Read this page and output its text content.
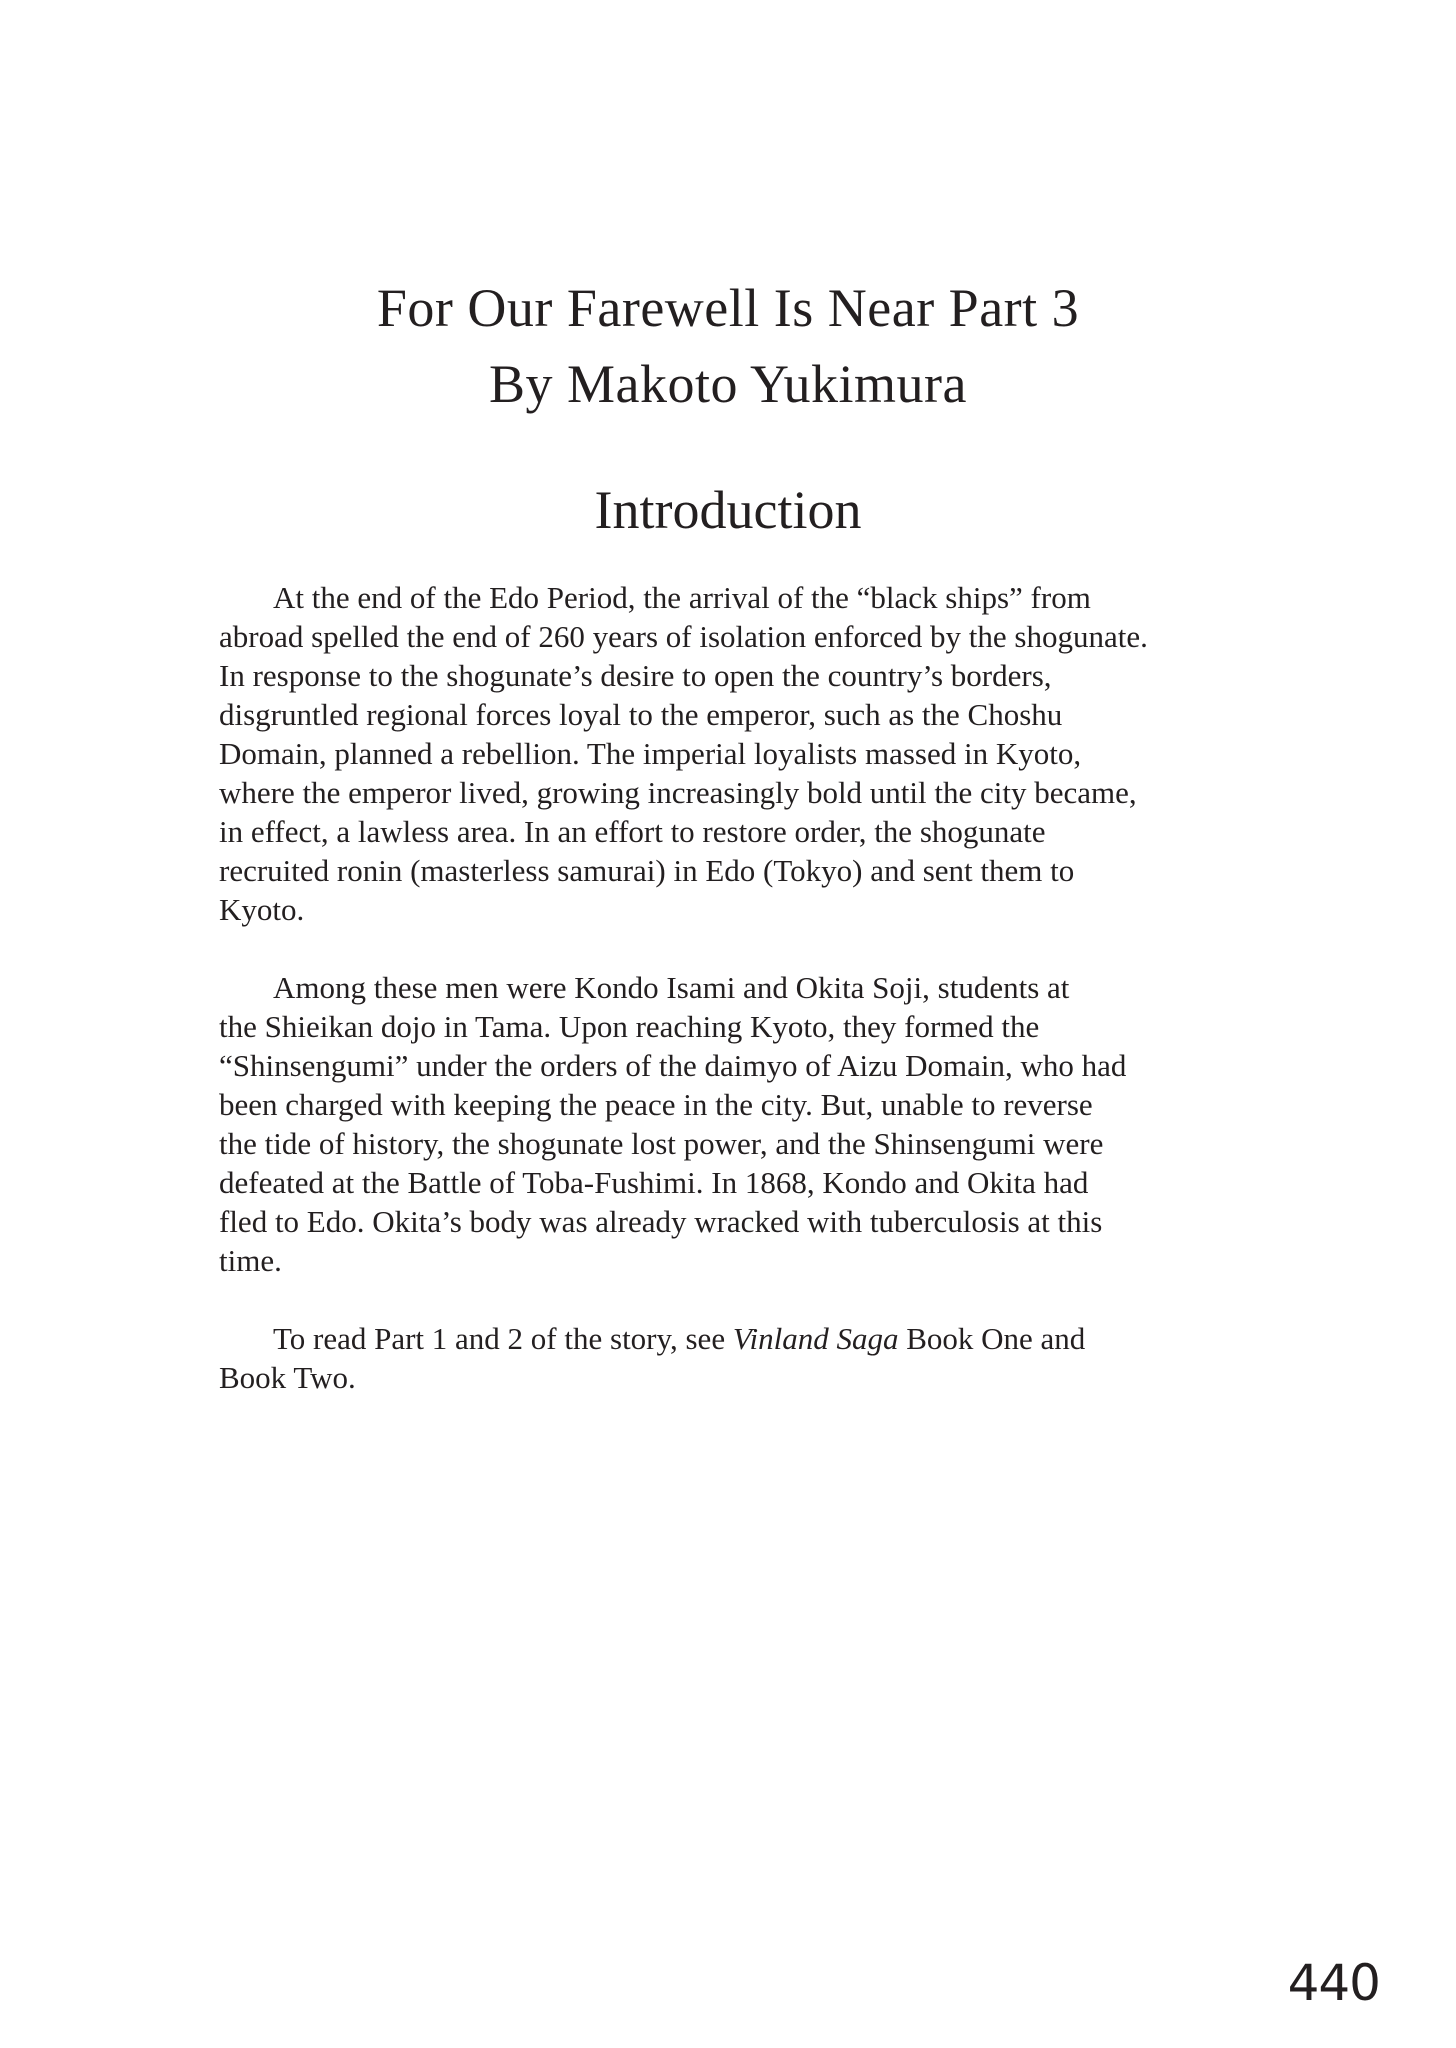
For Our Farewell Is Near Part 3
By Makoto Yukimura
Introduction

At the end of the Edo Period, the arrival of the “black ships” from
abroad spelled the end of 260 years of isolation enforced by the shogunate.
In response to the shogunate’s desire to open the country’s borders,
disgruntled regional forces loyal to the emperor, such as the Choshu
Domain, planned a rebellion. The imperial loyalists massed in Kyoto,
where the emperor lived, growing increasingly bold until the city became,
in effect, a lawless area. In an effort to restore order, the shogunate
recruited ronin (masterless samurai) in Edo (Tokyo) and sent them to
Kyoto.

Among these men were Kondo Isami and Okita Soji, students at
the Shieikan dojo in Tama. Upon reaching Kyoto, they formed the
“Shinsengumi” under the orders of the daimyo of Aizu Domain, who had
been charged with keeping the peace in the city. But, unable to reverse
the tide of history, the shogunate lost power, and the Shinsengumi were
defeated at the Battle of Toba-Fushimi. In 1868, Kondo and Okita had
fled to Edo. Okita’s body was already wracked with tuberculosis at this
time.

To read Part 1 and 2 of the story, see Vinland Saga Book One and
Book Two.

440
